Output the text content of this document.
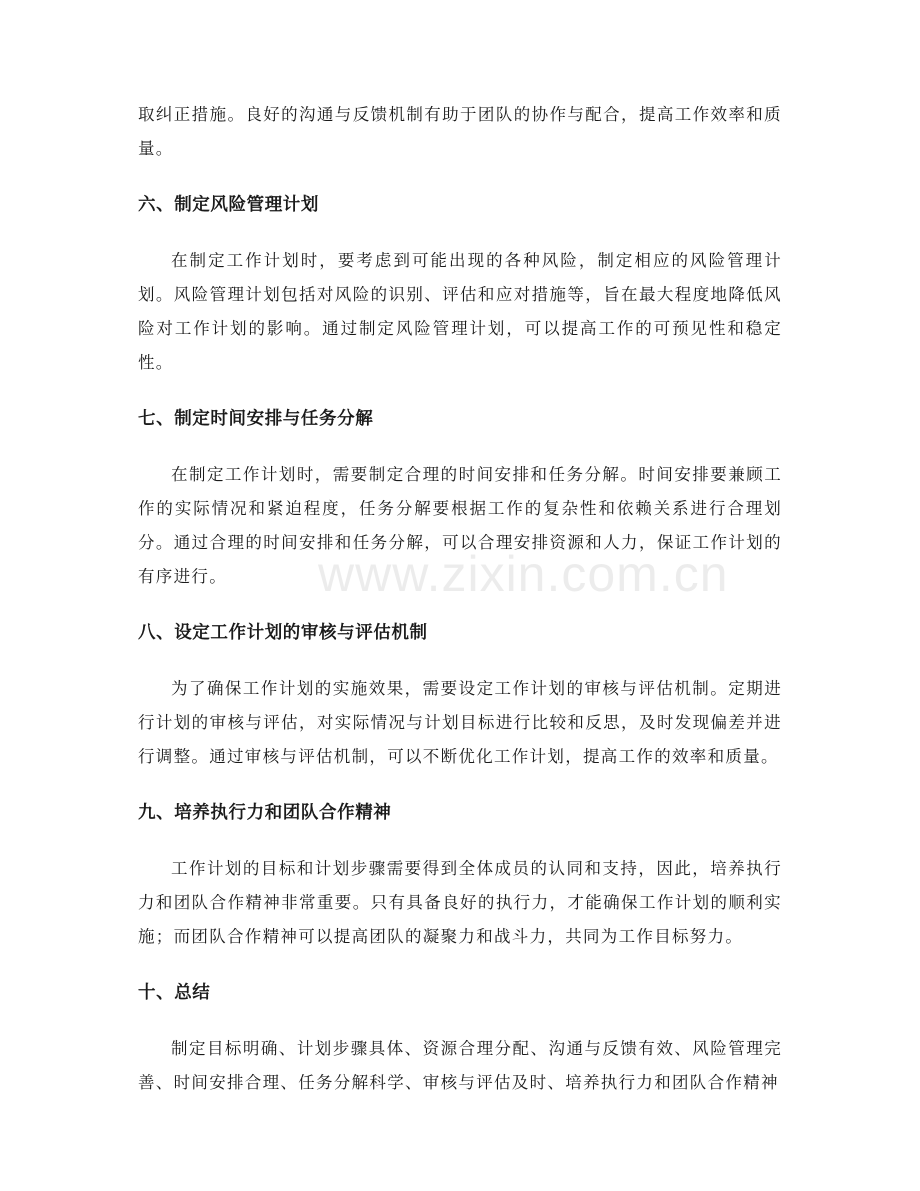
www.zixin.com.cn

取纠正措施。良好的沟通与反馈机制有助于团队的协作与配合，提高工作效率和质量。

六、制定风险管理计划

在制定工作计划时，要考虑到可能出现的各种风险，制定相应的风险管理计划。风险管理计划包括对风险的识别、评估和应对措施等，旨在最大程度地降低风险对工作计划的影响。通过制定风险管理计划，可以提高工作的可预见性和稳定性。

七、制定时间安排与任务分解

在制定工作计划时，需要制定合理的时间安排和任务分解。时间安排要兼顾工作的实际情况和紧迫程度，任务分解要根据工作的复杂性和依赖关系进行合理划分。通过合理的时间安排和任务分解，可以合理安排资源和人力，保证工作计划的有序进行。

八、设定工作计划的审核与评估机制

为了确保工作计划的实施效果，需要设定工作计划的审核与评估机制。定期进行计划的审核与评估，对实际情况与计划目标进行比较和反思，及时发现偏差并进行调整。通过审核与评估机制，可以不断优化工作计划，提高工作的效率和质量。

九、培养执行力和团队合作精神

工作计划的目标和计划步骤需要得到全体成员的认同和支持，因此，培养执行力和团队合作精神非常重要。只有具备良好的执行力，才能确保工作计划的顺利实施；而团队合作精神可以提高团队的凝聚力和战斗力，共同为工作目标努力。

十、总结

制定目标明确、计划步骤具体、资源合理分配、沟通与反馈有效、风险管理完善、时间安排合理、任务分解科学、审核与评估及时、培养执行力和团队合作精神
